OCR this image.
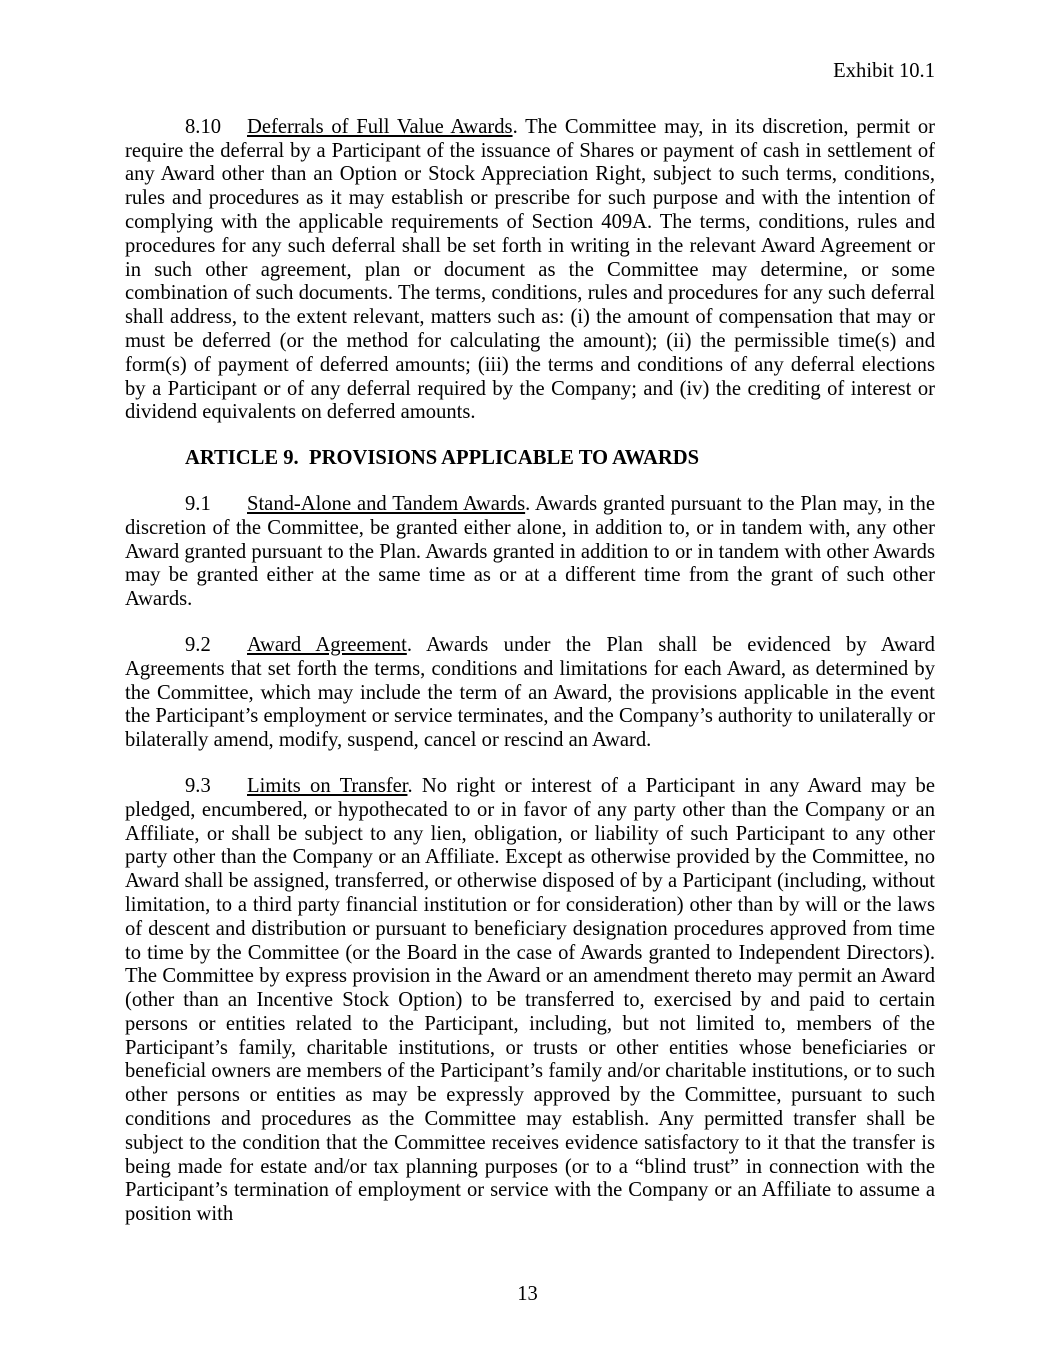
Exhibit 10.1

8.10 Deferrals of Full Value Awards. The Committee may, in its discretion, permit or require the deferral by a Participant of the issuance of Shares or payment of cash in settlement of any Award other than an Option or Stock Appreciation Right, subject to such terms, conditions, rules and procedures as it may establish or prescribe for such purpose and with the intention of complying with the applicable requirements of Section 409A. The terms, conditions, rules and procedures for any such deferral shall be set forth in writing in the relevant Award Agreement or in such other agreement, plan or document as the Committee may determine, or some combination of such documents. The terms, conditions, rules and procedures for any such deferral shall address, to the extent relevant, matters such as: (i) the amount of compensation that may or must be deferred (or the method for calculating the amount); (ii) the permissible time(s) and form(s) of payment of deferred amounts; (iii) the terms and conditions of any deferral elections by a Participant or of any deferral required by the Company; and (iv) the crediting of interest or dividend equivalents on deferred amounts.

ARTICLE 9.  PROVISIONS APPLICABLE TO AWARDS

9.1 Stand-Alone and Tandem Awards. Awards granted pursuant to the Plan may, in the discretion of the Committee, be granted either alone, in addition to, or in tandem with, any other Award granted pursuant to the Plan. Awards granted in addition to or in tandem with other Awards may be granted either at the same time as or at a different time from the grant of such other Awards.

9.2 Award Agreement. Awards under the Plan shall be evidenced by Award Agreements that set forth the terms, conditions and limitations for each Award, as determined by the Committee, which may include the term of an Award, the provisions applicable in the event the Participant’s employment or service terminates, and the Company’s authority to unilaterally or bilaterally amend, modify, suspend, cancel or rescind an Award.

9.3 Limits on Transfer. No right or interest of a Participant in any Award may be pledged, encumbered, or hypothecated to or in favor of any party other than the Company or an Affiliate, or shall be subject to any lien, obligation, or liability of such Participant to any other party other than the Company or an Affiliate. Except as otherwise provided by the Committee, no Award shall be assigned, transferred, or otherwise disposed of by a Participant (including, without limitation, to a third party financial institution or for consideration) other than by will or the laws of descent and distribution or pursuant to beneficiary designation procedures approved from time to time by the Committee (or the Board in the case of Awards granted to Independent Directors). The Committee by express provision in the Award or an amendment thereto may permit an Award (other than an Incentive Stock Option) to be transferred to, exercised by and paid to certain persons or entities related to the Participant, including, but not limited to, members of the Participant’s family, charitable institutions, or trusts or other entities whose beneficiaries or beneficial owners are members of the Participant’s family and/or charitable institutions, or to such other persons or entities as may be expressly approved by the Committee, pursuant to such conditions and procedures as the Committee may establish. Any permitted transfer shall be subject to the condition that the Committee receives evidence satisfactory to it that the transfer is being made for estate and/or tax planning purposes (or to a “blind trust” in connection with the Participant’s termination of employment or service with the Company or an Affiliate to assume a position with

13
